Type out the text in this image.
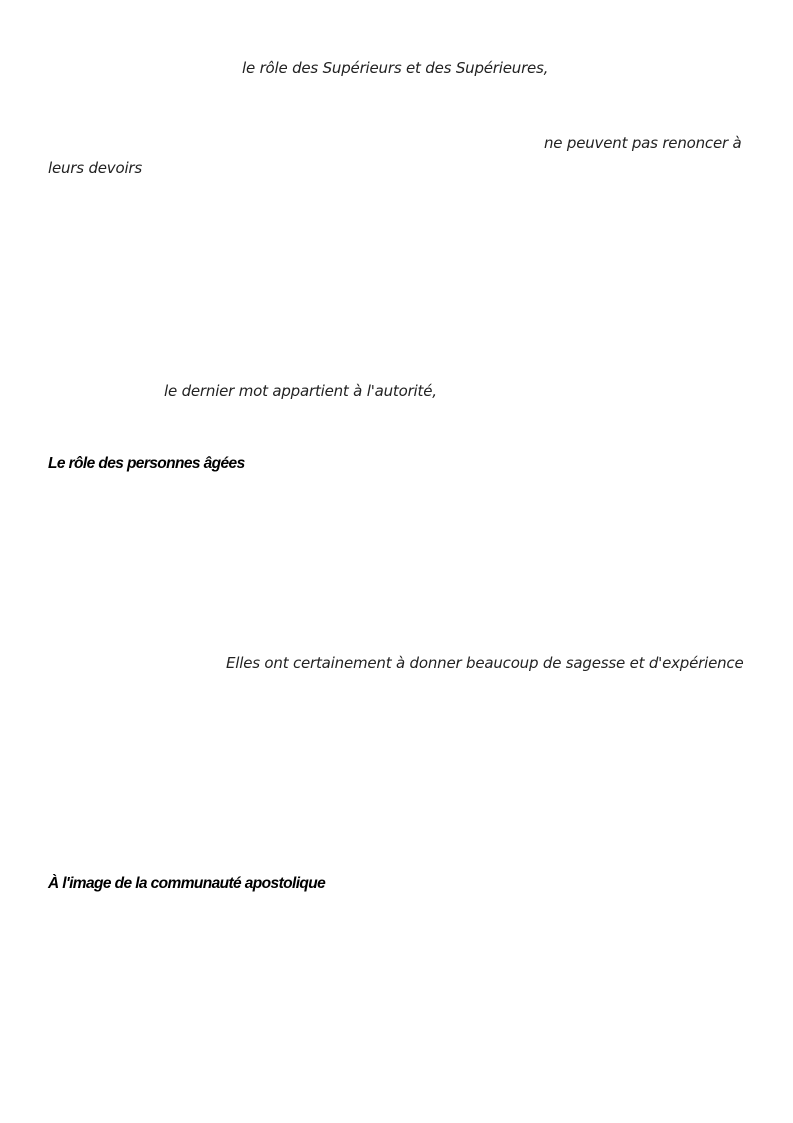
le rôle des Supérieurs et des Supérieures,
ne peuvent pas renoncer à
leurs devoirs
le dernier mot appartient à l'autorité,
Le rôle des personnes âgées
Elles ont certainement à donner beaucoup de sagesse et d'expérience
À l'image de la communauté apostolique
